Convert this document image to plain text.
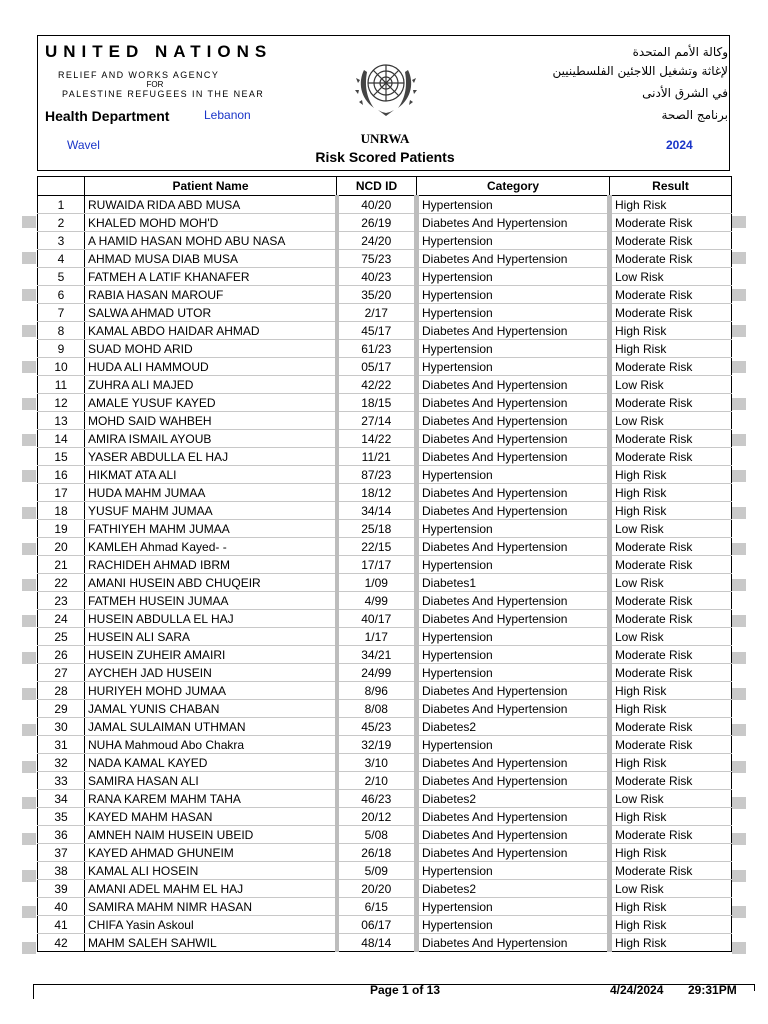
UNITED NATIONS
RELIEF AND WORKS AGENCY
FOR
PALESTINE REFUGEES IN THE NEAR
Health Department	Lebanon
Wavel	UNRWA
Risk Scored Patients
2024
وكالة الأمم المتحدة
لإغاثة وتشغيل اللاجئين الفلسطينيين
في الشرق الأدنى
برنامج الصحة
	Patient Name	NCD ID	Category	Result
1	RUWAIDA RIDA ABD MUSA	40/20	Hypertension	High Risk
2	KHALED MOHD MOH'D	26/19	Diabetes And Hypertension	Moderate Risk
3	A HAMID HASAN MOHD ABU NASA	24/20	Hypertension	Moderate Risk
4	AHMAD MUSA DIAB MUSA	75/23	Diabetes And Hypertension	Moderate Risk
5	FATMEH A LATIF KHANAFER	40/23	Hypertension	Low Risk
6	RABIA HASAN MAROUF	35/20	Hypertension	Moderate Risk
7	SALWA AHMAD UTOR	2/17	Hypertension	Moderate Risk
8	KAMAL ABDO HAIDAR AHMAD	45/17	Diabetes And Hypertension	High Risk
9	SUAD MOHD ARID	61/23	Hypertension	High Risk
10	HUDA ALI HAMMOUD	05/17	Hypertension	Moderate Risk
11	ZUHRA ALI MAJED	42/22	Diabetes And Hypertension	Low Risk
12	AMALE YUSUF KAYED	18/15	Diabetes And Hypertension	Moderate Risk
13	MOHD SAID WAHBEH	27/14	Diabetes And Hypertension	Low Risk
14	AMIRA ISMAIL AYOUB	14/22	Diabetes And Hypertension	Moderate Risk
15	YASER ABDULLA EL HAJ	11/21	Diabetes And Hypertension	Moderate Risk
16	HIKMAT ATA ALI	87/23	Hypertension	High Risk
17	HUDA MAHM JUMAA	18/12	Diabetes And Hypertension	High Risk
18	YUSUF MAHM JUMAA	34/14	Diabetes And Hypertension	High Risk
19	FATHIYEH MAHM JUMAA	25/18	Hypertension	Low Risk
20	KAMLEH Ahmad Kayed- -	22/15	Diabetes And Hypertension	Moderate Risk
21	RACHIDEH AHMAD IBRM	17/17	Hypertension	Moderate Risk
22	AMANI HUSEIN ABD CHUQEIR	1/09	Diabetes1	Low Risk
23	FATMEH HUSEIN JUMAA	4/99	Diabetes And Hypertension	Moderate Risk
24	HUSEIN ABDULLA EL HAJ	40/17	Diabetes And Hypertension	Moderate Risk
25	HUSEIN ALI SARA	1/17	Hypertension	Low Risk
26	HUSEIN ZUHEIR AMAIRI	34/21	Hypertension	Moderate Risk
27	AYCHEH JAD HUSEIN	24/99	Hypertension	Moderate Risk
28	HURIYEH MOHD JUMAA	8/96	Diabetes And Hypertension	High Risk
29	JAMAL YUNIS CHABAN	8/08	Diabetes And Hypertension	High Risk
30	JAMAL SULAIMAN UTHMAN	45/23	Diabetes2	Moderate Risk
31	NUHA Mahmoud Abo Chakra	32/19	Hypertension	Moderate Risk
32	NADA KAMAL KAYED	3/10	Diabetes And Hypertension	High Risk
33	SAMIRA HASAN ALI	2/10	Diabetes And Hypertension	Moderate Risk
34	RANA KAREM MAHM TAHA	46/23	Diabetes2	Low Risk
35	KAYED MAHM HASAN	20/12	Diabetes And Hypertension	High Risk
36	AMNEH NAIM HUSEIN UBEID	5/08	Diabetes And Hypertension	Moderate Risk
37	KAYED AHMAD GHUNEIM	26/18	Diabetes And Hypertension	High Risk
38	KAMAL ALI HOSEIN	5/09	Hypertension	Moderate Risk
39	AMANI ADEL MAHM EL HAJ	20/20	Diabetes2	Low Risk
40	SAMIRA MAHM NIMR HASAN	6/15	Hypertension	High Risk
41	CHIFA Yasin Askoul	06/17	Hypertension	High Risk
42	MAHM SALEH SAHWIL	48/14	Diabetes And Hypertension	High Risk
Page 1 of 13	4/24/2024 29:31PM
